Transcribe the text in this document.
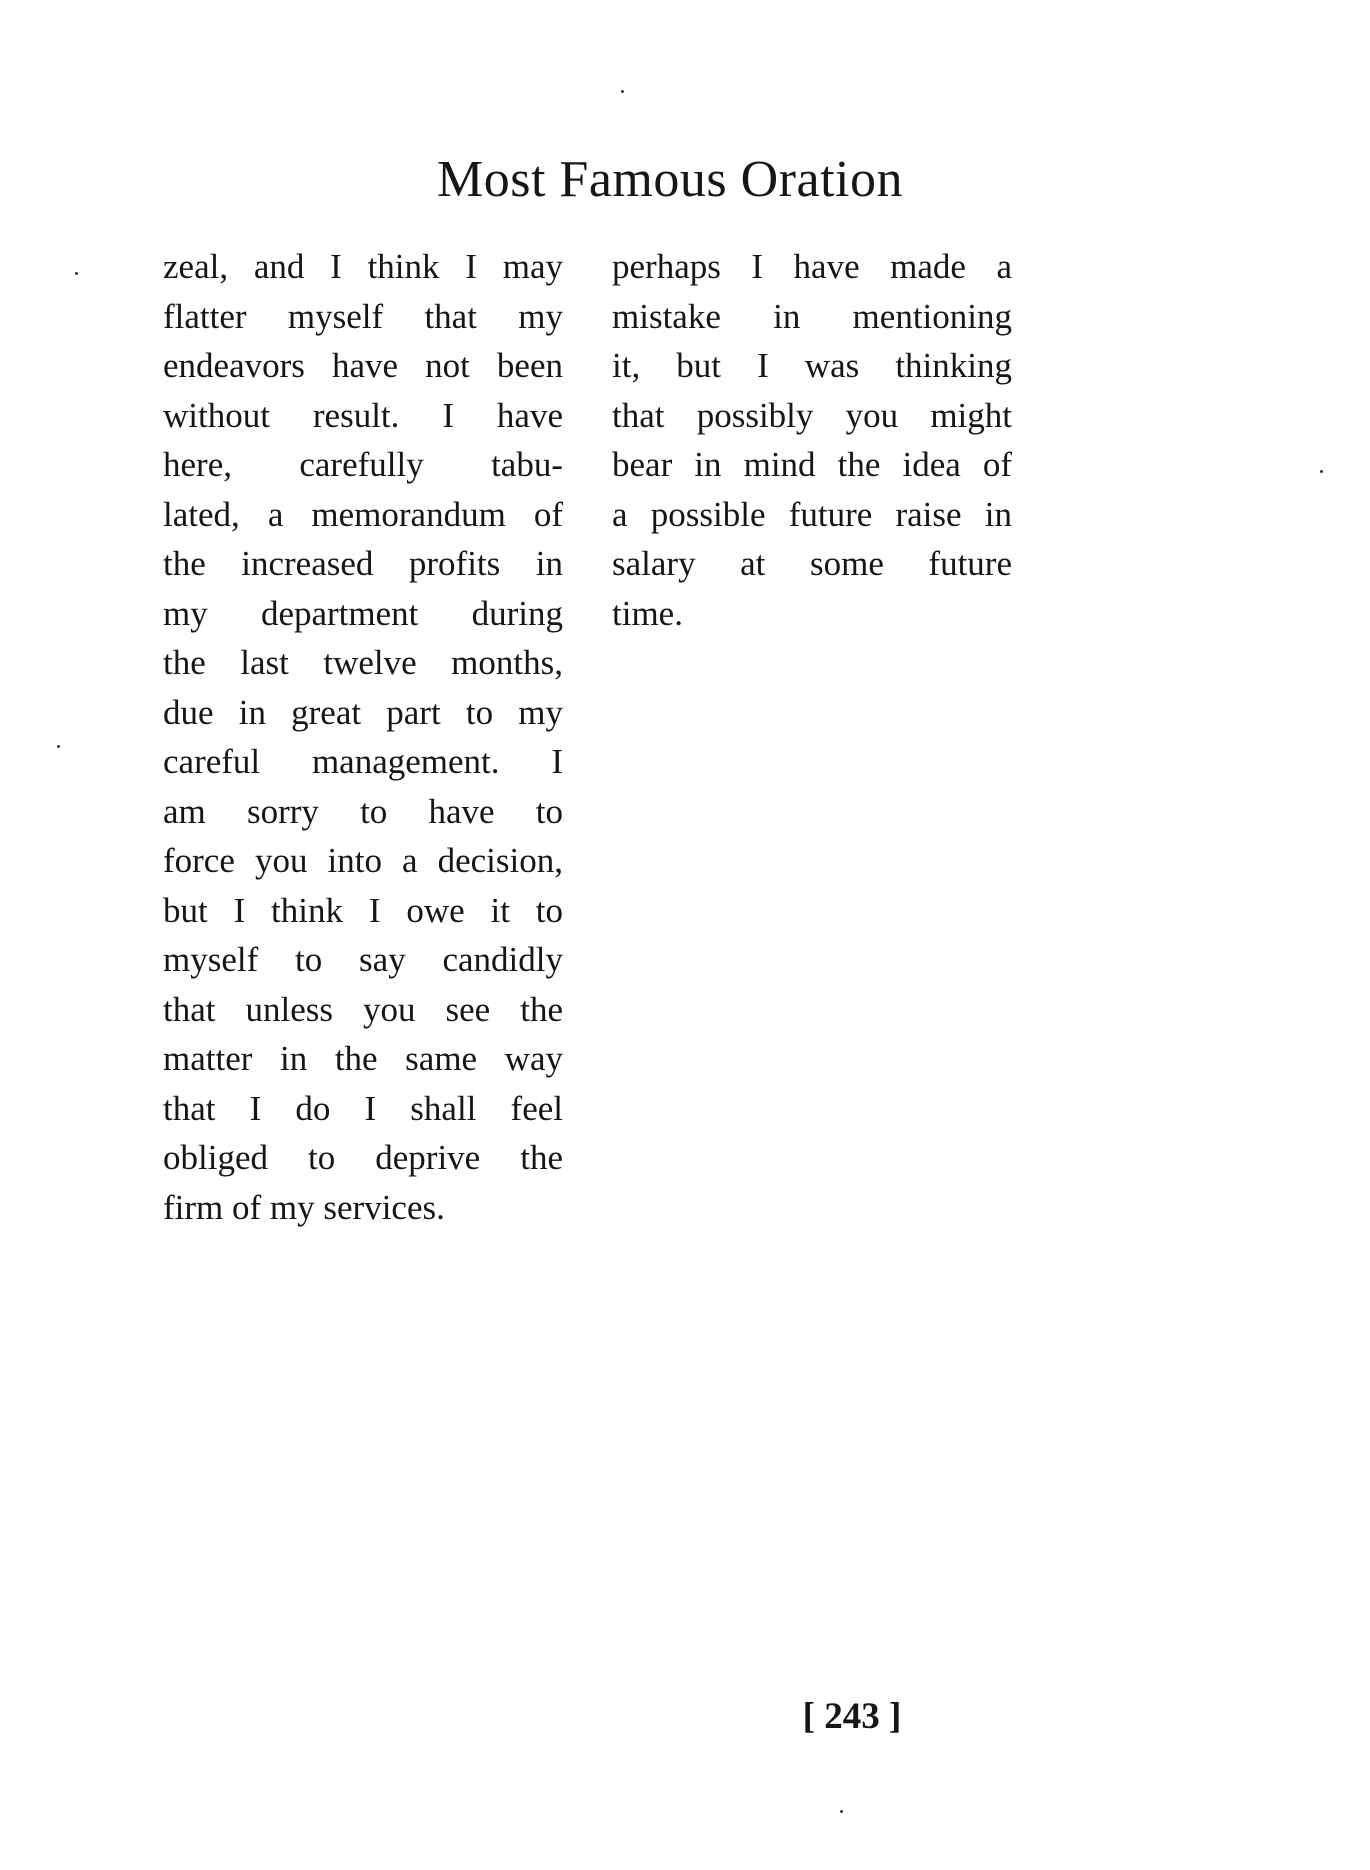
Most Famous Oration
zeal, and I think I may
flatter myself that my
endeavors have not been
without result. I have
here, carefully tabu-
lated, a memorandum of
the increased profits in
my department during
the last twelve months,
due in great part to my
careful management. I
am sorry to have to
force you into a decision,
but I think I owe it to
myself to say candidly
that unless you see the
matter in the same way
that I do I shall feel
obliged to deprive the
firm of my services.
perhaps I have made a
mistake in mentioning
it, but I was thinking
that possibly you might
bear in mind the idea of
a possible future raise in
salary at some future
time.
[ 243 ]
